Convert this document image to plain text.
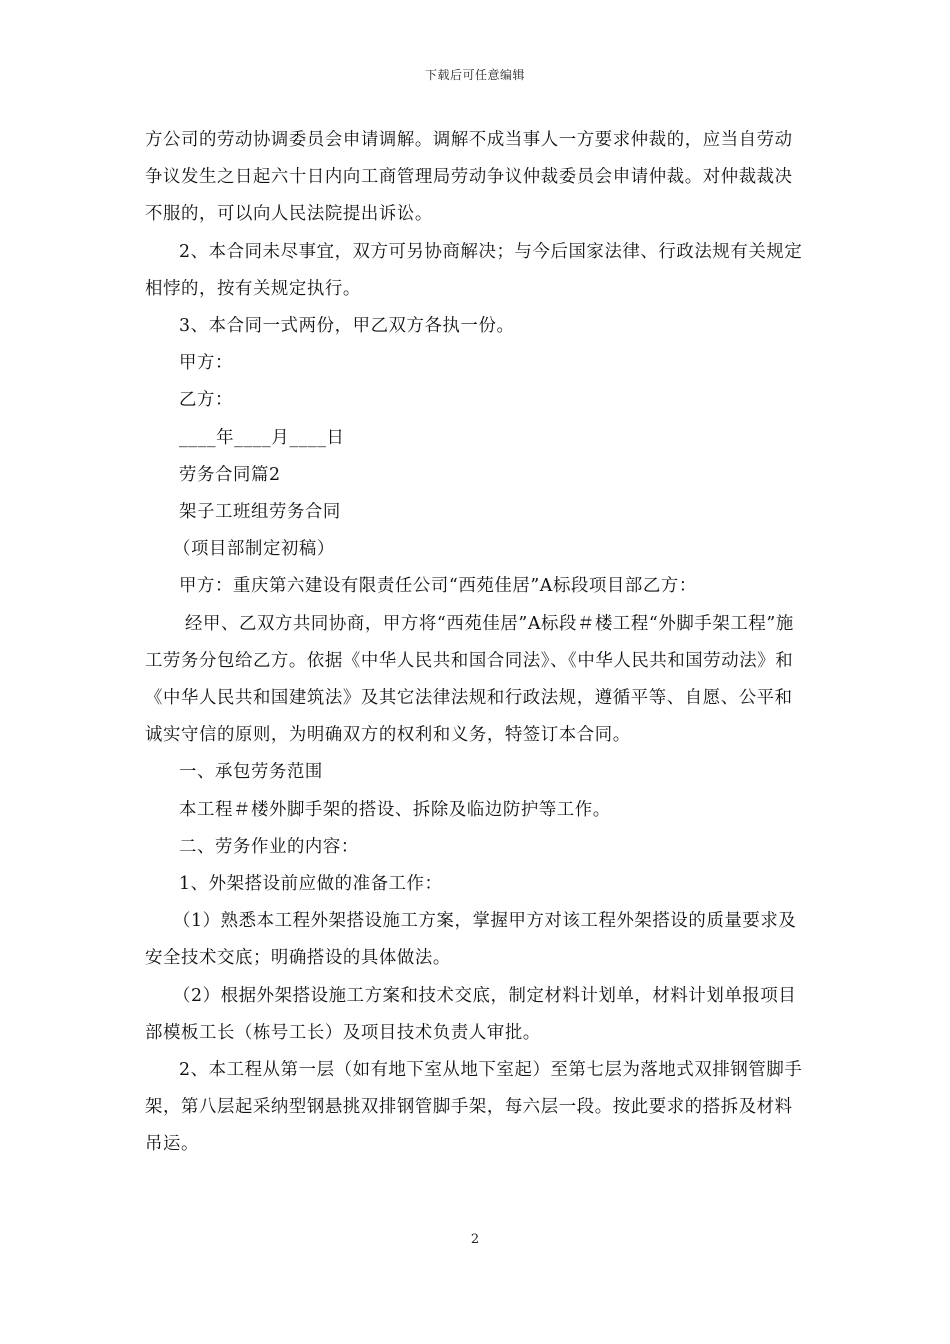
下载后可任意编辑

方公司的劳动协调委员会申请调解。调解不成当事人一方要求仲裁的，应当自劳动争议发生之日起六十日内向工商管理局劳动争议仲裁委员会申请仲裁。对仲裁裁决不服的，可以向人民法院提出诉讼。

2、本合同未尽事宜，双方可另协商解决；与今后国家法律、行政法规有关规定相悖的，按有关规定执行。

3、本合同一式两份，甲乙双方各执一份。

甲方：

乙方：

____年____月____日

劳务合同篇2

架子工班组劳务合同

（项目部制定初稿）

甲方：重庆第六建设有限责任公司“西苑佳居”A标段项目部乙方：

经甲、乙双方共同协商，甲方将“西苑佳居”A标段＃楼工程“外脚手架工程”施工劳务分包给乙方。依据《中华人民共和国合同法》、《中华人民共和国劳动法》和《中华人民共和国建筑法》及其它法律法规和行政法规，遵循平等、自愿、公平和诚实守信的原则，为明确双方的权利和义务，特签订本合同。

一、承包劳务范围

本工程＃楼外脚手架的搭设、拆除及临边防护等工作。

二、劳务作业的内容：

1、外架搭设前应做的准备工作：

（1）熟悉本工程外架搭设施工方案，掌握甲方对该工程外架搭设的质量要求及安全技术交底；明确搭设的具体做法。

（2）根据外架搭设施工方案和技术交底，制定材料计划单，材料计划单报项目部模板工长（栋号工长）及项目技术负责人审批。

2、本工程从第一层（如有地下室从地下室起）至第七层为落地式双排钢管脚手架，第八层起采纳型钢悬挑双排钢管脚手架，每六层一段。按此要求的搭拆及材料吊运。

2
